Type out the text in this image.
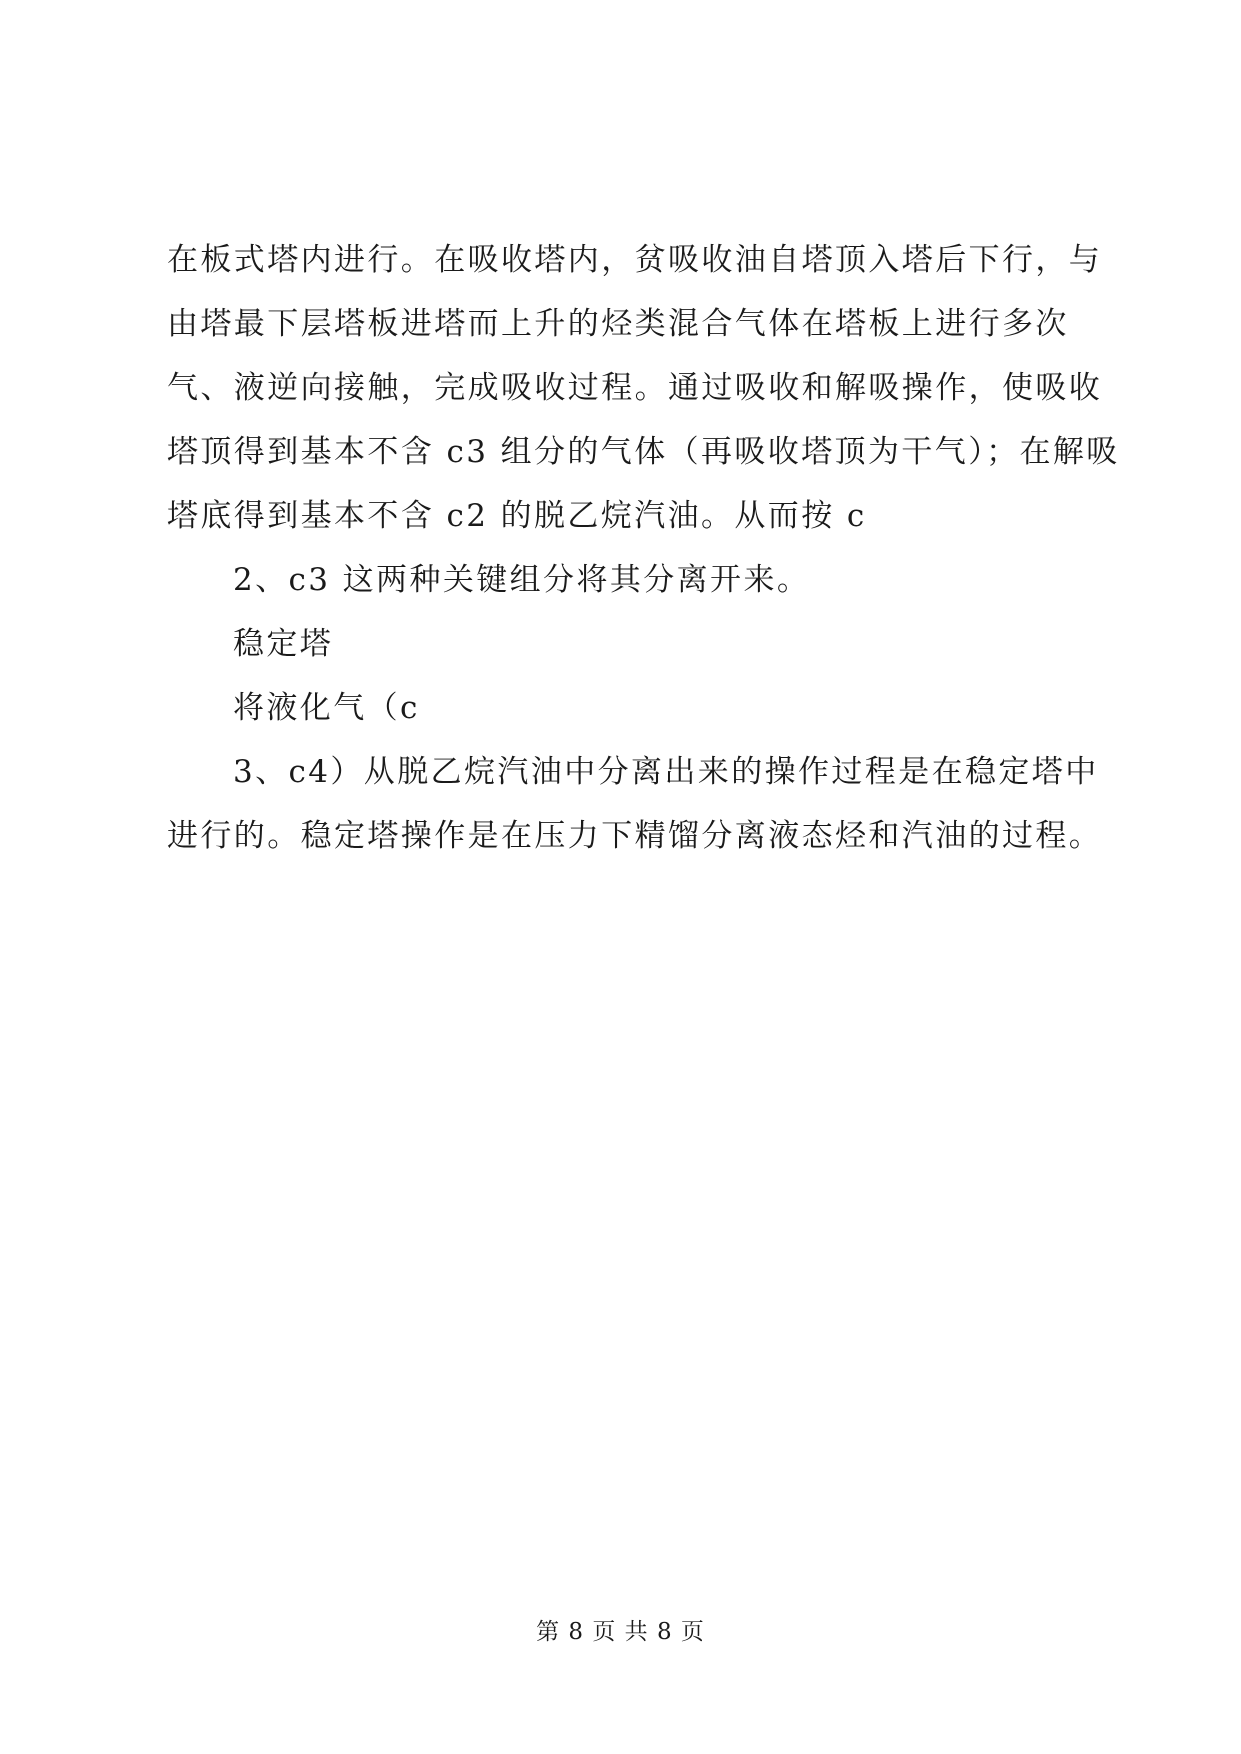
在板式塔内进行。在吸收塔内，贫吸收油自塔顶入塔后下行，与
由塔最下层塔板进塔而上升的烃类混合气体在塔板上进行多次
气、液逆向接触，完成吸收过程。通过吸收和解吸操作，使吸收
塔顶得到基本不含 c3 组分的气体（再吸收塔顶为干气）；在解吸
塔底得到基本不含 c2 的脱乙烷汽油。从而按 c
2、c3 这两种关键组分将其分离开来。
稳定塔
将液化气（c
3、c4）从脱乙烷汽油中分离出来的操作过程是在稳定塔中
进行的。稳定塔操作是在压力下精馏分离液态烃和汽油的过程。
第 8 页 共 8 页
